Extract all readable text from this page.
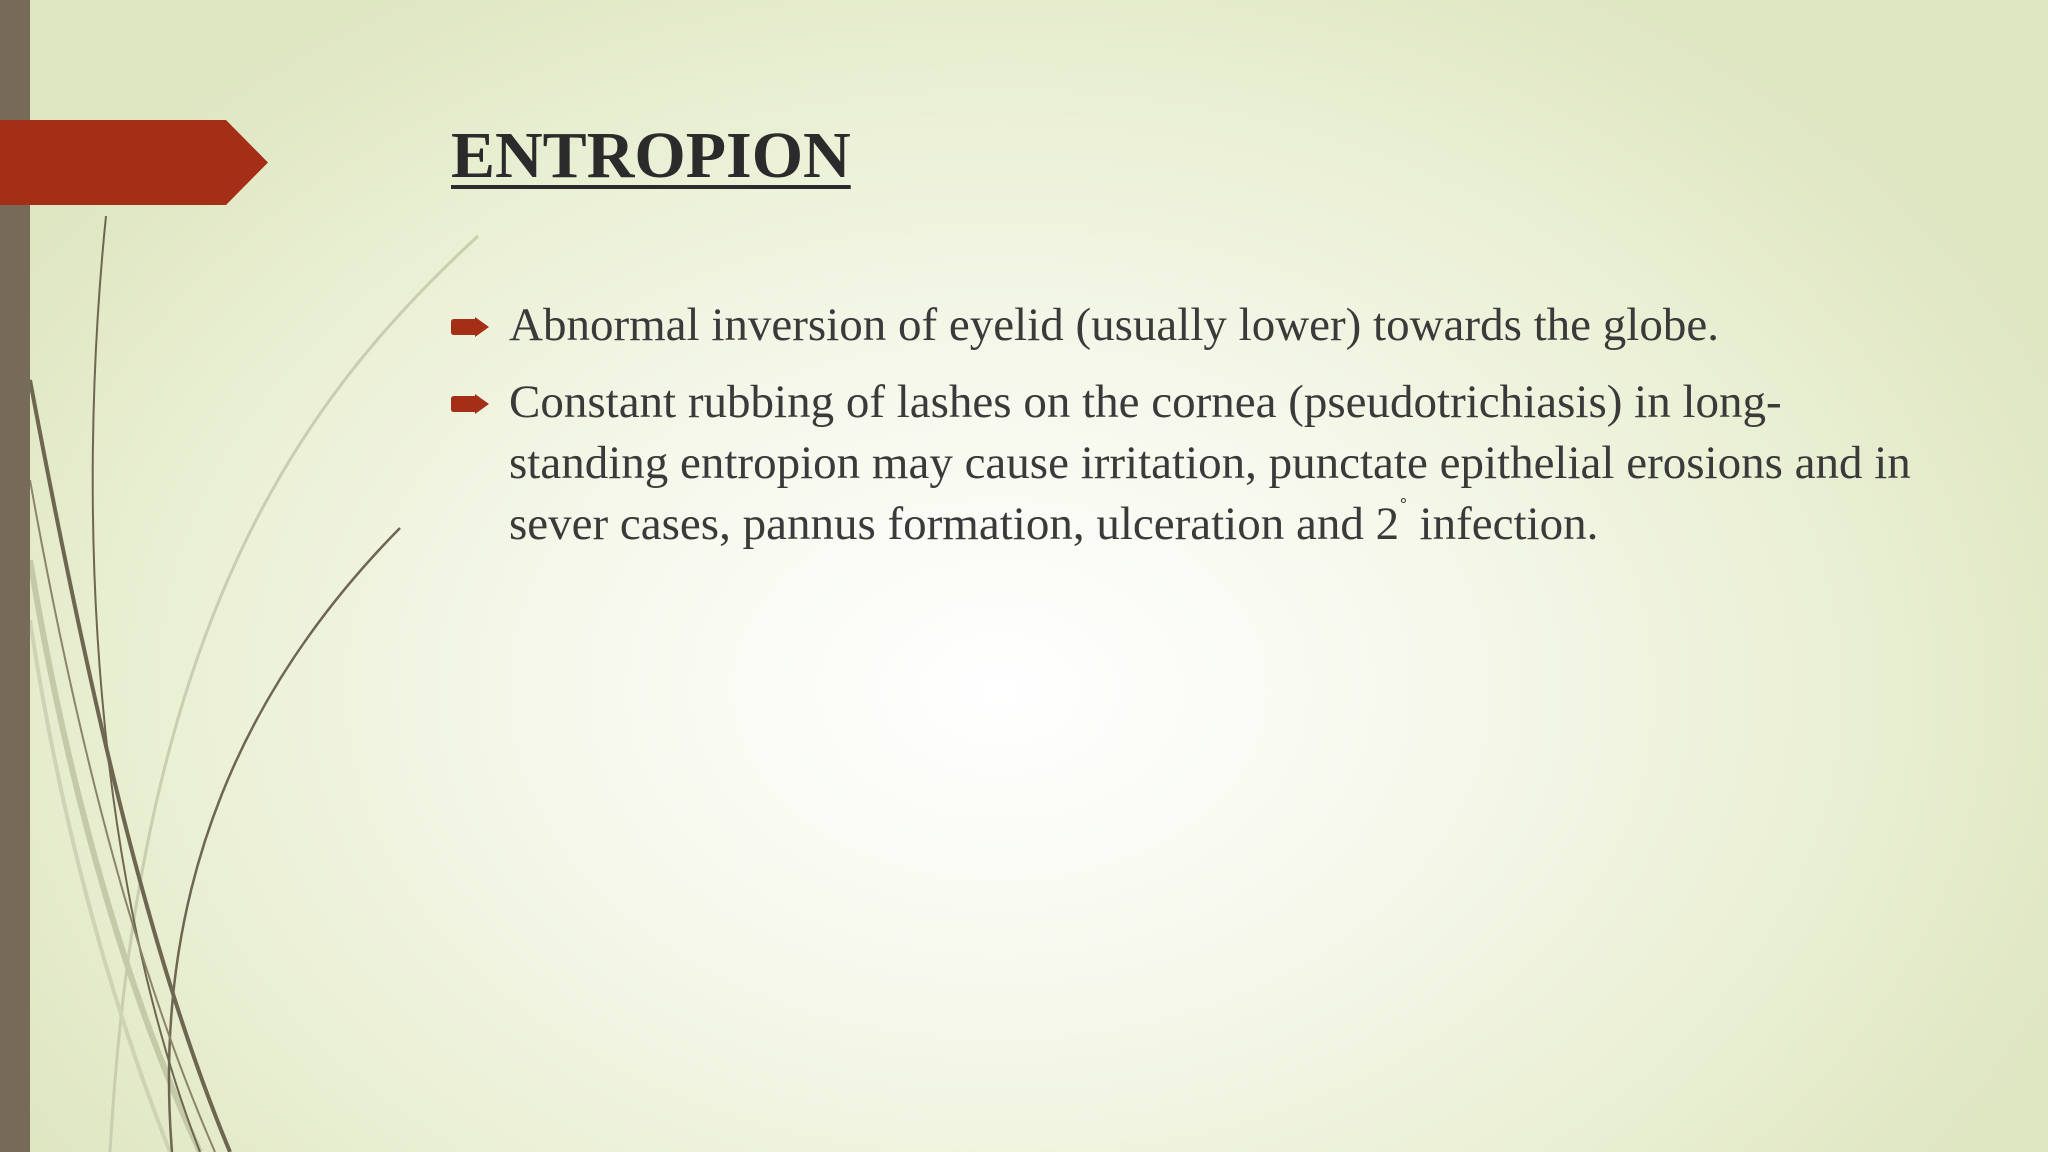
ENTROPION
Abnormal inversion of eyelid (usually lower) towards the globe.
Constant rubbing of lashes on the cornea (pseudotrichiasis) in long-standing entropion may cause irritation, punctate epithelial erosions and in sever cases, pannus formation, ulceration and 2˚ infection.
